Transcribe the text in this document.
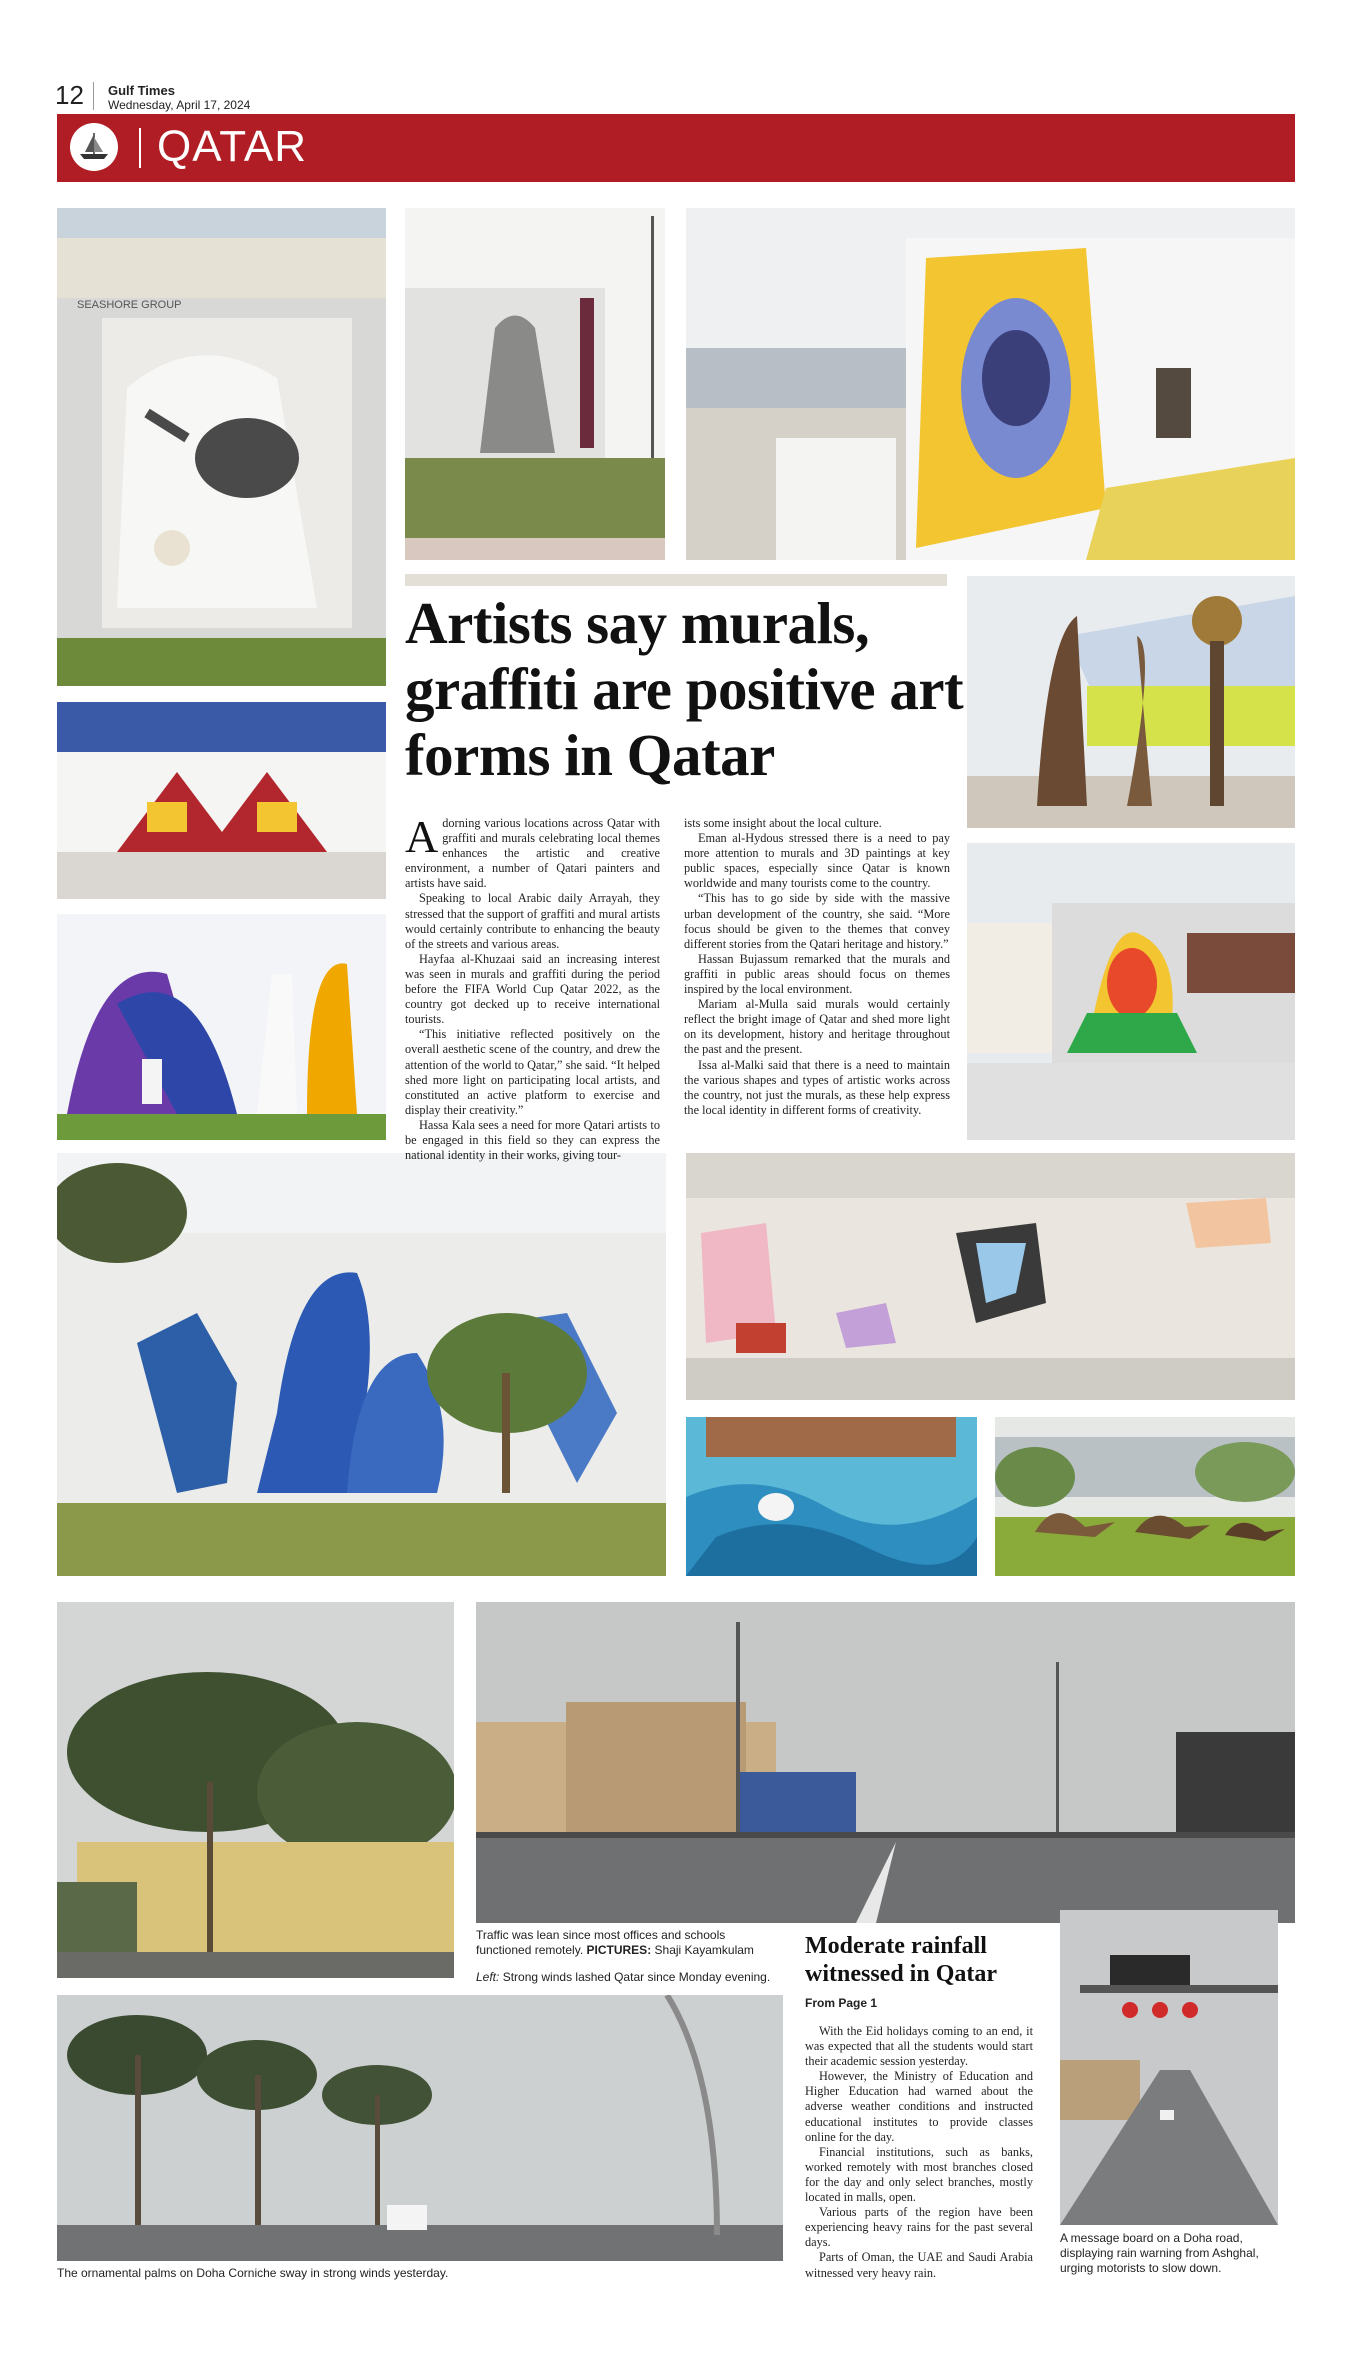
12 Gulf Times
Wednesday, April 17, 2024
QATAR
SEASHORE GROUP
Artists say murals, graffiti are positive art forms in Qatar

Adorning various locations across Qatar with graffiti and murals celebrating local themes enhances the artistic and creative environment, a number of Qatari painters and artists have said.

Speaking to local Arabic daily Arrayah, they stressed that the support of graffiti and mural artists would certainly contribute to enhancing the beauty of the streets and various areas.

Hayfaa al-Khuzaai said an increasing interest was seen in murals and graffiti during the period before the FIFA World Cup Qatar 2022, as the country got decked up to receive international tourists.

“This initiative reflected positively on the overall aesthetic scene of the country, and drew the attention of the world to Qatar,” she said. “It helped shed more light on participating local artists, and constituted an active platform to exercise and display their creativity.”

Hassa Kala sees a need for more Qatari artists to be engaged in this field so they can express the national identity in their works, giving tour-

ists some insight about the local culture.

Eman al-Hydous stressed there is a need to pay more attention to murals and 3D paintings at key public spaces, especially since Qatar is known worldwide and many tourists come to the country.

“This has to go side by side with the massive urban development of the country, she said. “More focus should be given to the themes that convey different stories from the Qatari heritage and history.”

Hassan Bujassum remarked that the murals and graffiti in public areas should focus on themes inspired by the local environment.

Mariam al-Mulla said murals would certainly reflect the bright image of Qatar and shed more light on its development, history and heritage throughout the past and the present.

Issa al-Malki said that there is a need to maintain the various shapes and types of artistic works across the country, not just the murals, as these help express the local identity in different forms of creativity.

Traffic was lean since most offices and schools functioned remotely. PICTURES: Shaji Kayamkulam
Left: Strong winds lashed Qatar since Monday evening.
The ornamental palms on Doha Corniche sway in strong winds yesterday.
A message board on a Doha road, displaying rain warning from Ashghal, urging motorists to slow down.
Moderate rainfall witnessed in Qatar
From Page 1

With the Eid holidays coming to an end, it was expected that all the students would start their academic session yesterday.

However, the Ministry of Education and Higher Education had warned about the adverse weather conditions and instructed educational institutes to provide classes online for the day.

Financial institutions, such as banks, worked remotely with most branches closed for the day and only select branches, mostly located in malls, open.

Various parts of the region have been experiencing heavy rains for the past several days.

Parts of Oman, the UAE and Saudi Arabia witnessed very heavy rain.
